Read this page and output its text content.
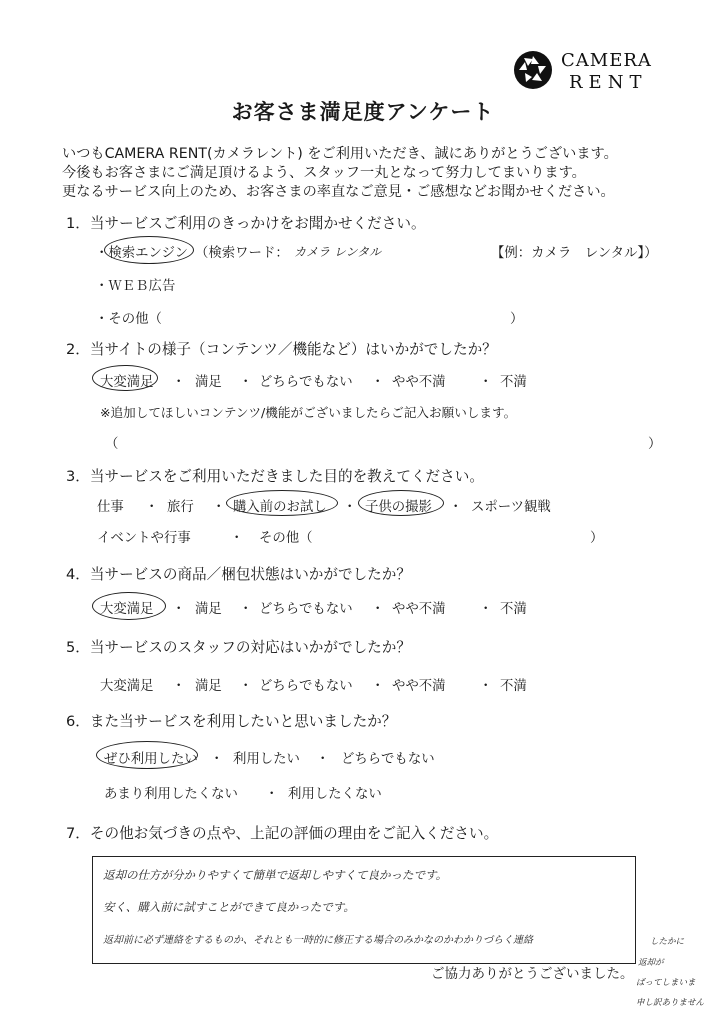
CAMERA
RENT
お客さま満足度アンケート
いつもCAMERA RENT(カメラレント) をご利用いただき、誠にありがとうございます。
今後もお客さまにご満足頂けるよう、スタッフ一丸となって努力してまいります。
更なるサービス向上のため、お客さまの率直なご意見・ご感想などお聞かせください。
1．当サービスご利用のきっかけをお聞かせください。
・検索エンジン （検索ワード： カメラ レンタル	【例：カメラ　レンタル】）
・ＷＥＢ広告
・その他（	）
2．当サイトの様子（コンテンツ／機能など）はいかがでしたか？
大変満足 ・ 満足 ・ どちらでもない ・ やや不満 ・ 不満
※追加してほしいコンテンツ/機能がございましたらご記入お願いします。
（	）
3．当サービスをご利用いただきました目的を教えてください。
仕事 ・ 旅行 ・ 購入前のお試し ・ 子供の撮影 ・ スポーツ観戦
イベントや行事	・ その他（	）
4．当サービスの商品／梱包状態はいかがでしたか？
大変満足 ・ 満足 ・ どちらでもない ・ やや不満 ・ 不満
5．当サービスのスタッフの対応はいかがでしたか？
大変満足 ・ 満足 ・ どちらでもない ・ やや不満 ・ 不満
6．また当サービスを利用したいと思いましたか？
ぜひ利用したい ・ 利用したい ・ どちらでもない
あまり利用したくない ・ 利用したくない
7．その他お気づきの点や、上記の評価の理由をご記入ください。
返却の仕方が分かりやすくて簡単で返却しやすくて良かったです。
安く、購入前に試すことができて良かったです。
返却前に必ず連絡をするものか、それとも一時的に修正する場合のみかなのかわかりづらく連絡	したかに
返却が
ばってしまいま
申し訳ありません
ご協力ありがとうございました。
